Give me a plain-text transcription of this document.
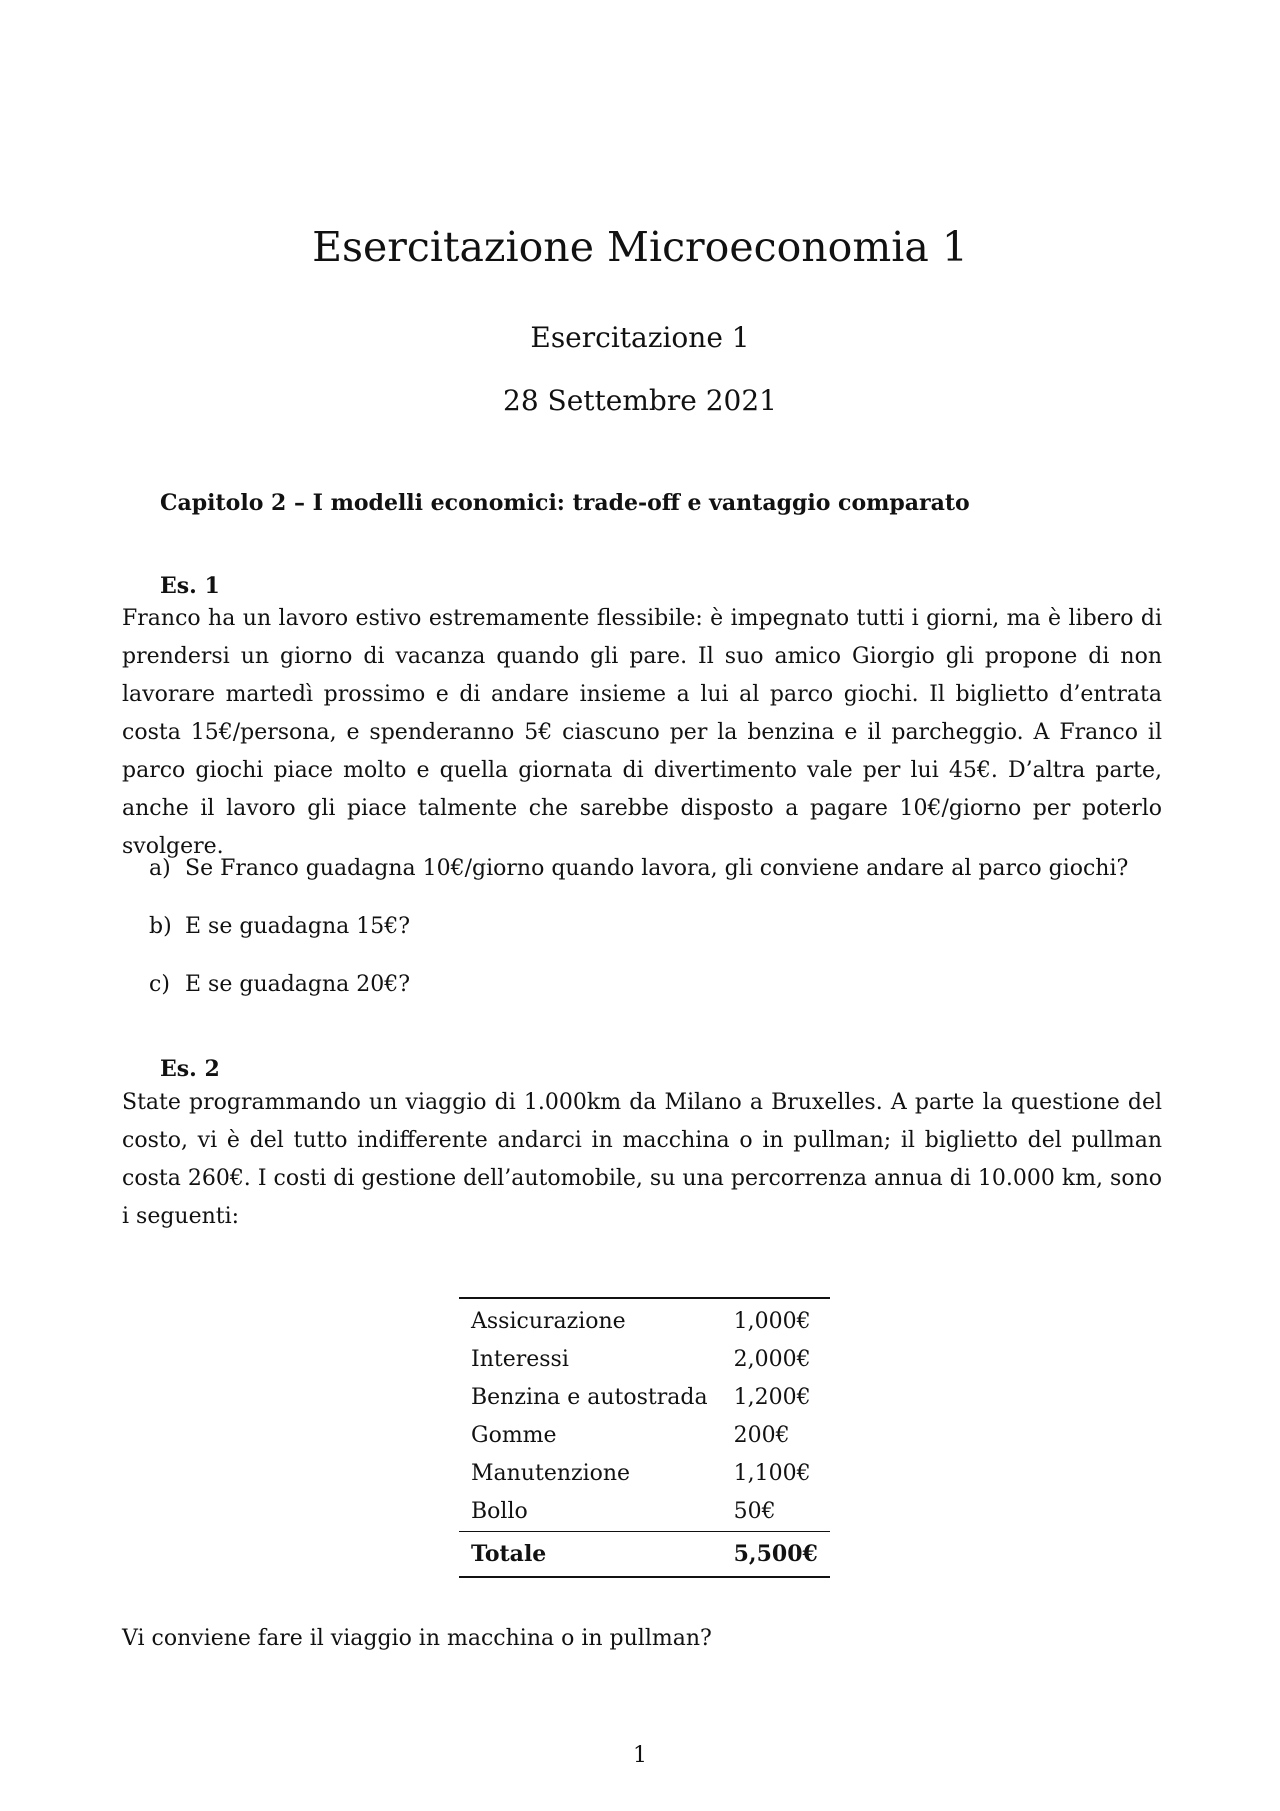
Esercitazione Microeconomia 1
Esercitazione 1
28 Settembre 2021
Capitolo 2 – I modelli economici: trade-off e vantaggio comparato
Es. 1
Franco ha un lavoro estivo estremamente flessibile: è impegnato tutti i giorni, ma è libero di prendersi un giorno di vacanza quando gli pare. Il suo amico Giorgio gli propone di non lavorare martedì prossimo e di andare insieme a lui al parco giochi. Il biglietto d’entrata costa 15€/persona, e spenderanno 5€ ciascuno per la benzina e il parcheggio. A Franco il parco giochi piace molto e quella giornata di divertimento vale per lui 45€. D’altra parte, anche il lavoro gli piace talmente che sarebbe disposto a pagare 10€/giorno per poterlo svolgere.
a) Se Franco guadagna 10€/giorno quando lavora, gli conviene andare al parco giochi?
b) E se guadagna 15€?
c) E se guadagna 20€?
Es. 2
State programmando un viaggio di 1.000km da Milano a Bruxelles. A parte la questione del costo, vi è del tutto indifferente andarci in macchina o in pullman; il biglietto del pullman costa 260€. I costi di gestione dell’automobile, su una percorrenza annua di 10.000 km, sono i seguenti:
Assicurazione	1,000€
Interessi	2,000€
Benzina e autostrada	1,200€
Gomme	200€
Manutenzione	1,100€
Bollo	50€
Totale	5,500€
Vi conviene fare il viaggio in macchina o in pullman?
1
